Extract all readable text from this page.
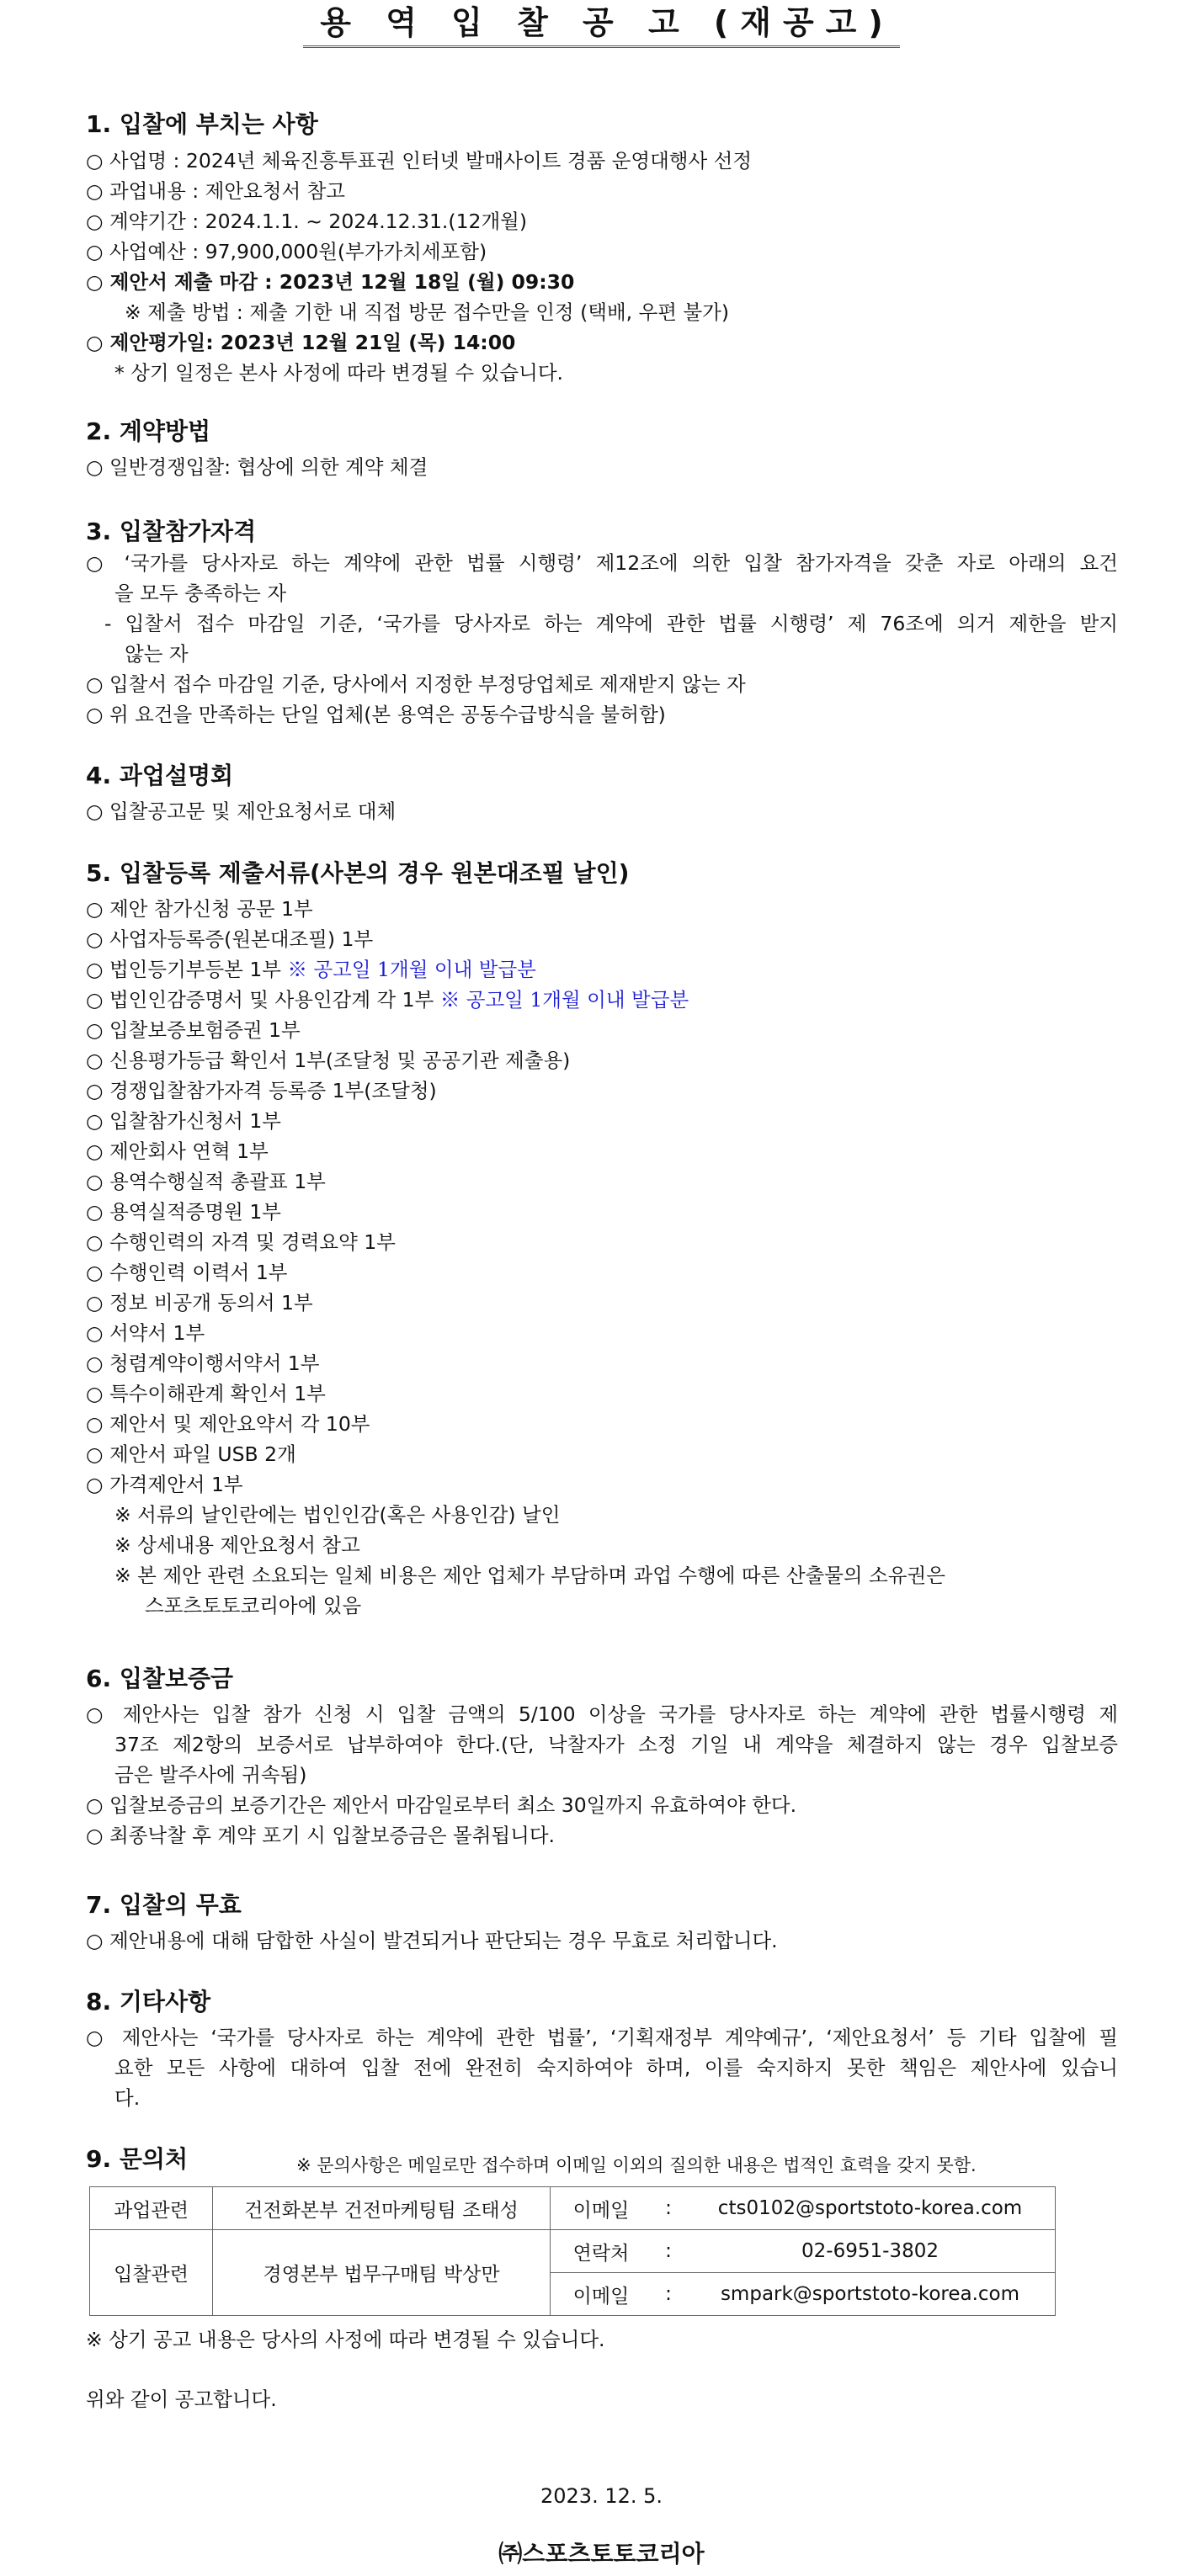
용 역 입 찰 공 고 (재공고)
1. 입찰에 부치는 사항
○ 사업명 : 2024년 체육진흥투표권 인터넷 발매사이트 경품 운영대행사 선정
○ 과업내용 : 제안요청서 참고
○ 계약기간 : 2024.1.1. ~ 2024.12.31.(12개월)
○ 사업예산 : 97,900,000원(부가가치세포함)
○ 제안서 제출 마감 : 2023년 12월 18일 (월) 09:30
※ 제출 방법 : 제출 기한 내 직접 방문 접수만을 인정 (택배, 우편 불가)
○ 제안평가일: 2023년 12월 21일 (목) 14:00
* 상기 일정은 본사 사정에 따라 변경될 수 있습니다.
2. 계약방법
○ 일반경쟁입찰: 협상에 의한 계약 체결
3. 입찰참가자격
○ ‘국가를 당사자로 하는 계약에 관한 법률 시행령’ 제12조에 의한 입찰 참가자격을 갖춘 자로 아래의 요건
을 모두 충족하는 자
- 입찰서 접수 마감일 기준, ‘국가를 당사자로 하는 계약에 관한 법률 시행령’ 제 76조에 의거 제한을 받지
않는 자
○ 입찰서 접수 마감일 기준, 당사에서 지정한 부정당업체로 제재받지 않는 자
○ 위 요건을 만족하는 단일 업체(본 용역은 공동수급방식을 불허함)
4. 과업설명회
○ 입찰공고문 및 제안요청서로 대체
5. 입찰등록 제출서류(사본의 경우 원본대조필 날인)
○ 제안 참가신청 공문 1부
○ 사업자등록증(원본대조필) 1부
○ 법인등기부등본 1부 ※ 공고일 1개월 이내 발급분
○ 법인인감증명서 및 사용인감계 각 1부 ※ 공고일 1개월 이내 발급분
○ 입찰보증보험증권 1부
○ 신용평가등급 확인서 1부(조달청 및 공공기관 제출용)
○ 경쟁입찰참가자격 등록증 1부(조달청)
○ 입찰참가신청서 1부
○ 제안회사 연혁 1부
○ 용역수행실적 총괄표 1부
○ 용역실적증명원 1부
○ 수행인력의 자격 및 경력요약 1부
○ 수행인력 이력서 1부
○ 정보 비공개 동의서 1부
○ 서약서 1부
○ 청렴계약이행서약서 1부
○ 특수이해관계 확인서 1부
○ 제안서 및 제안요약서 각 10부
○ 제안서 파일 USB 2개
○ 가격제안서 1부
※ 서류의 날인란에는 법인인감(혹은 사용인감) 날인
※ 상세내용 제안요청서 참고
※ 본 제안 관련 소요되는 일체 비용은 제안 업체가 부담하며 과업 수행에 따른 산출물의 소유권은
스포츠토토코리아에 있음
6. 입찰보증금
○ 제안사는 입찰 참가 신청 시 입찰 금액의 5/100 이상을 국가를 당사자로 하는 계약에 관한 법률시행령 제
37조 제2항의 보증서로 납부하여야 한다.(단, 낙찰자가 소정 기일 내 계약을 체결하지 않는 경우 입찰보증
금은 발주사에 귀속됨)
○ 입찰보증금의 보증기간은 제안서 마감일로부터 최소 30일까지 유효하여야 한다.
○ 최종낙찰 후 계약 포기 시 입찰보증금은 몰취됩니다.
7. 입찰의 무효
○ 제안내용에 대해 담합한 사실이 발견되거나 판단되는 경우 무효로 처리합니다.
8. 기타사항
○ 제안사는 ‘국가를 당사자로 하는 계약에 관한 법률’, ‘기획재정부 계약예규’, ‘제안요청서’ 등 기타 입찰에 필
요한 모든 사항에 대하여 입찰 전에 완전히 숙지하여야 하며, 이를 숙지하지 못한 책임은 제안사에 있습니
다.
9. 문의처	※ 문의사항은 메일로만 접수하며 이메일 이외의 질의한 내용은 법적인 효력을 갖지 못함.
과업관련	건전화본부 건전마케팅팀 조태성	이메일	:	cts0102@sportstoto-korea.com
입찰관련	경영본부 법무구매팀 박상만	연락처	:	02-6951-3802
		이메일	:	smpark@sportstoto-korea.com
※ 상기 공고 내용은 당사의 사정에 따라 변경될 수 있습니다.
위와 같이 공고합니다.
2023. 12. 5.
㈜스포츠토토코리아
